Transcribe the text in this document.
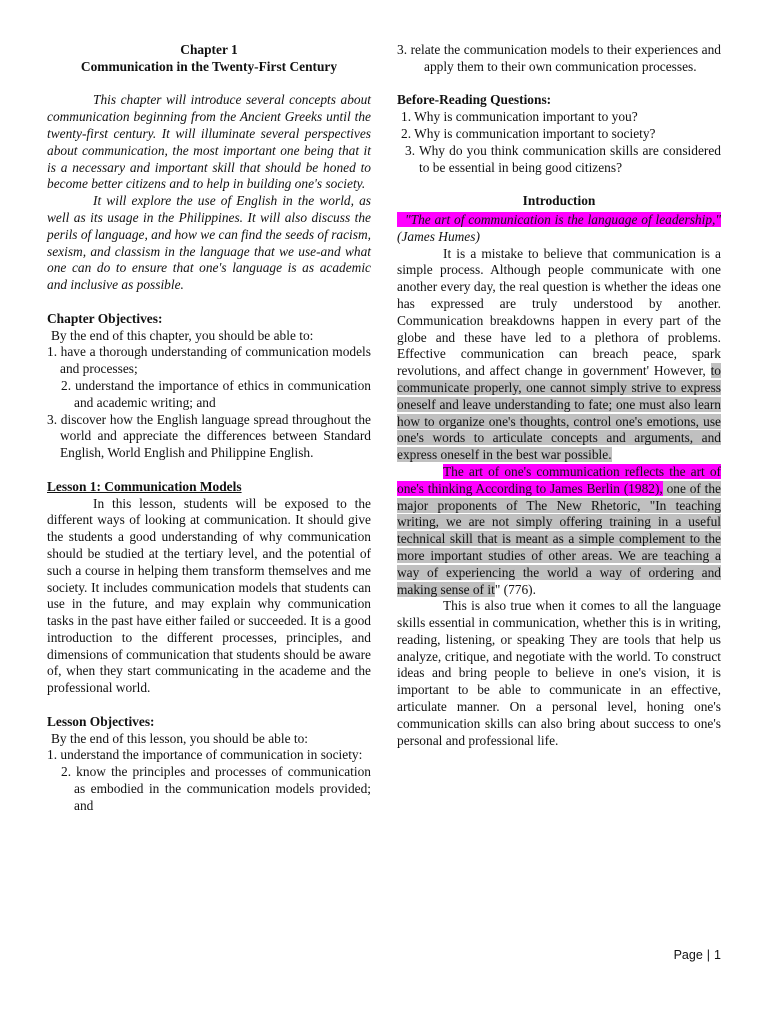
Chapter 1

Communication in the Twenty-First Century

This chapter will introduce several concepts about communication beginning from the Ancient Greeks until the twenty-first century. It will illuminate several perspectives about communication, the most important one being that it is a necessary and important skill that should be honed to become better citizens and to help in building one's society.

It will explore the use of English in the world, as well as its usage in the Philippines. It will also discuss the perils of language, and how we can find the seeds of racism, sexism, and classism in the language that we use-and what one can do to ensure that one's language is as academic and inclusive as possible.

Chapter Objectives:

By the end of this chapter, you should be able to:

1. have a thorough understanding of communication models and processes;

2. understand the importance of ethics in communication and academic writing; and

3. discover how the English language spread throughout the world and appreciate the differences between Standard English, World English and Philippine English.

Lesson 1: Communication Models

In this lesson, students will be exposed to the different ways of looking at communication. It should give the students a good understanding of why communication should be studied at the tertiary level, and the potential of such a course in helping them transform themselves and me society. It includes communication models that students can use in the future, and may explain why communication tasks in the past have either failed or succeeded. It is a good introduction to the different processes, principles, and dimensions of communication that students should be aware of, when they start communicating in the academe and the professional world.

Lesson Objectives:

By the end of this lesson, you should be able to:

1. understand the importance of communication in society:

2. know the principles and processes of communication as embodied in the communication models provided; and

3. relate the communication models to their experiences and apply them to their own communication processes.

Before-Reading Questions:

1. Why is communication important to you?

2. Why is communication important to society?

3. Why do you think communication skills are considered to be essential in being good citizens?

Introduction

"The art of communication is the language of leadership," (James Humes)

It is a mistake to believe that communication is a simple process. Although people communicate with one another every day, the real question is whether the ideas one has expressed are truly understood by another. Communication breakdowns happen in every part of the globe and these have led to a plethora of problems. Effective communication can breach peace, spark revolutions, and affect change in government' However, to communicate properly, one cannot simply strive to express oneself and leave understanding to fate; one must also learn how to organize one's thoughts, control one's emotions, use one's words to articulate concepts and arguments, and express oneself in the best war possible.

The art of one's communication reflects the art of one's thinking According to James Berlin (1982), one of the major proponents of The New Rhetoric, "In teaching writing, we are not simply offering training in a useful technical skill that is meant as a simple complement to the more important studies of other areas. We are teaching a way of experiencing the world a way of ordering and making sense of it" (776).

This is also true when it comes to all the language skills essential in communication, whether this is in writing, reading, listening, or speaking They are tools that help us analyze, critique, and negotiate with the world. To construct ideas and bring people to believe in one's vision, it is important to be able to communicate in an effective, articulate manner. On a personal level, honing one's communication skills can also bring about success to one's personal and professional life.

Page | 1
